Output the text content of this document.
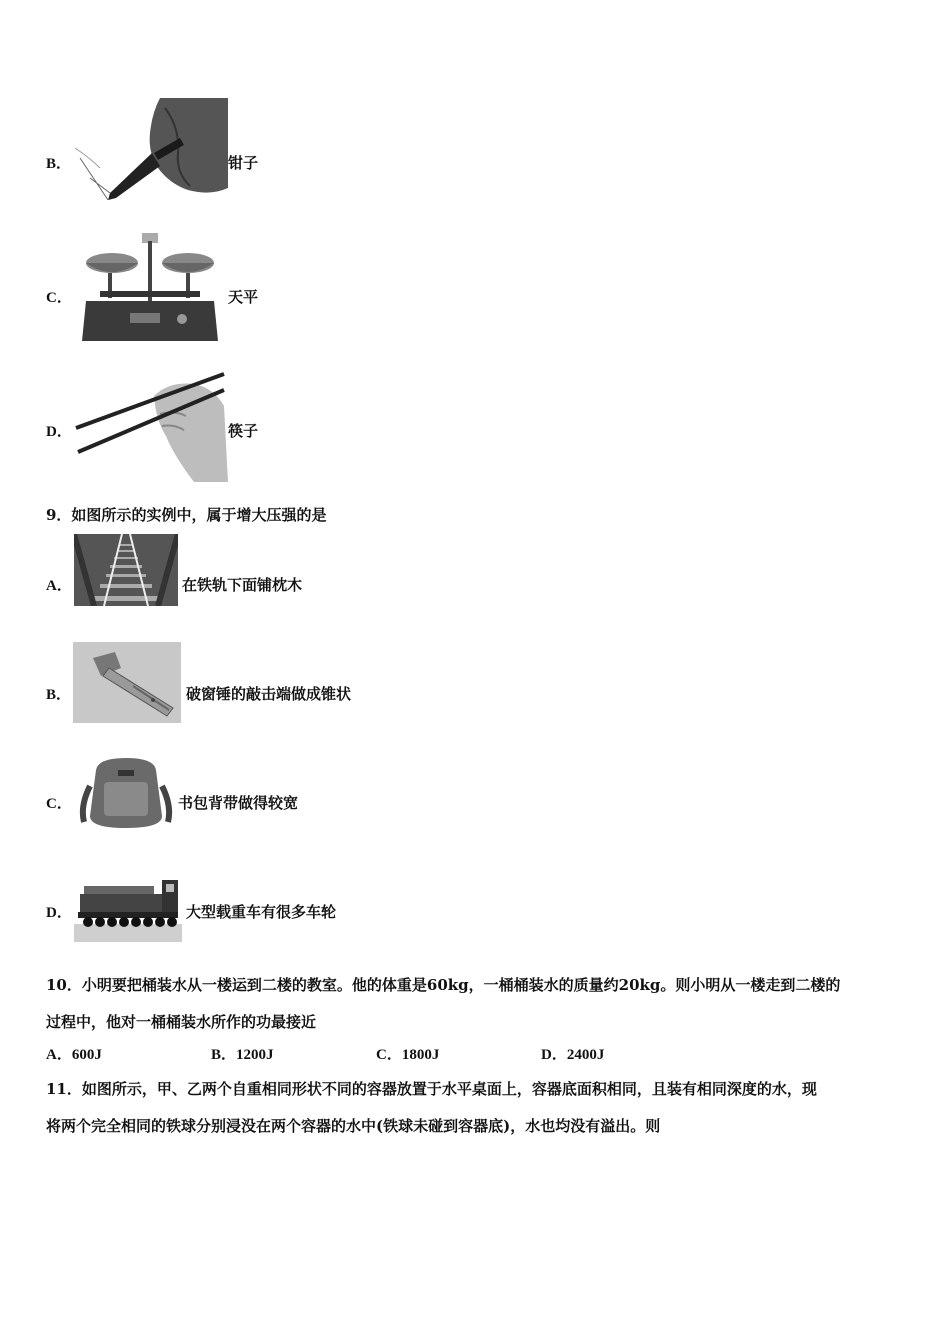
B．	钳子
C．	天平
D．	筷子
9．如图所示的实例中，属于增大压强的是
A．	在铁轨下面铺枕木
B．	破窗锤的敲击端做成锥状
C．	书包背带做得较宽
D．	大型载重车有很多车轮
10．小明要把桶装水从一楼运到二楼的教室。他的体重是60kg，一桶桶装水的质量约20kg。则小明从一楼走到二楼的
过程中，他对一桶桶装水所作的功最接近
A．600J	B．1200J	C．1800J	D．2400J
11．如图所示，甲、乙两个自重相同形状不同的容器放置于水平桌面上，容器底面积相同，且装有相同深度的水，现
将两个完全相同的铁球分别浸没在两个容器的水中(铁球未碰到容器底)，水也均没有溢出。则
